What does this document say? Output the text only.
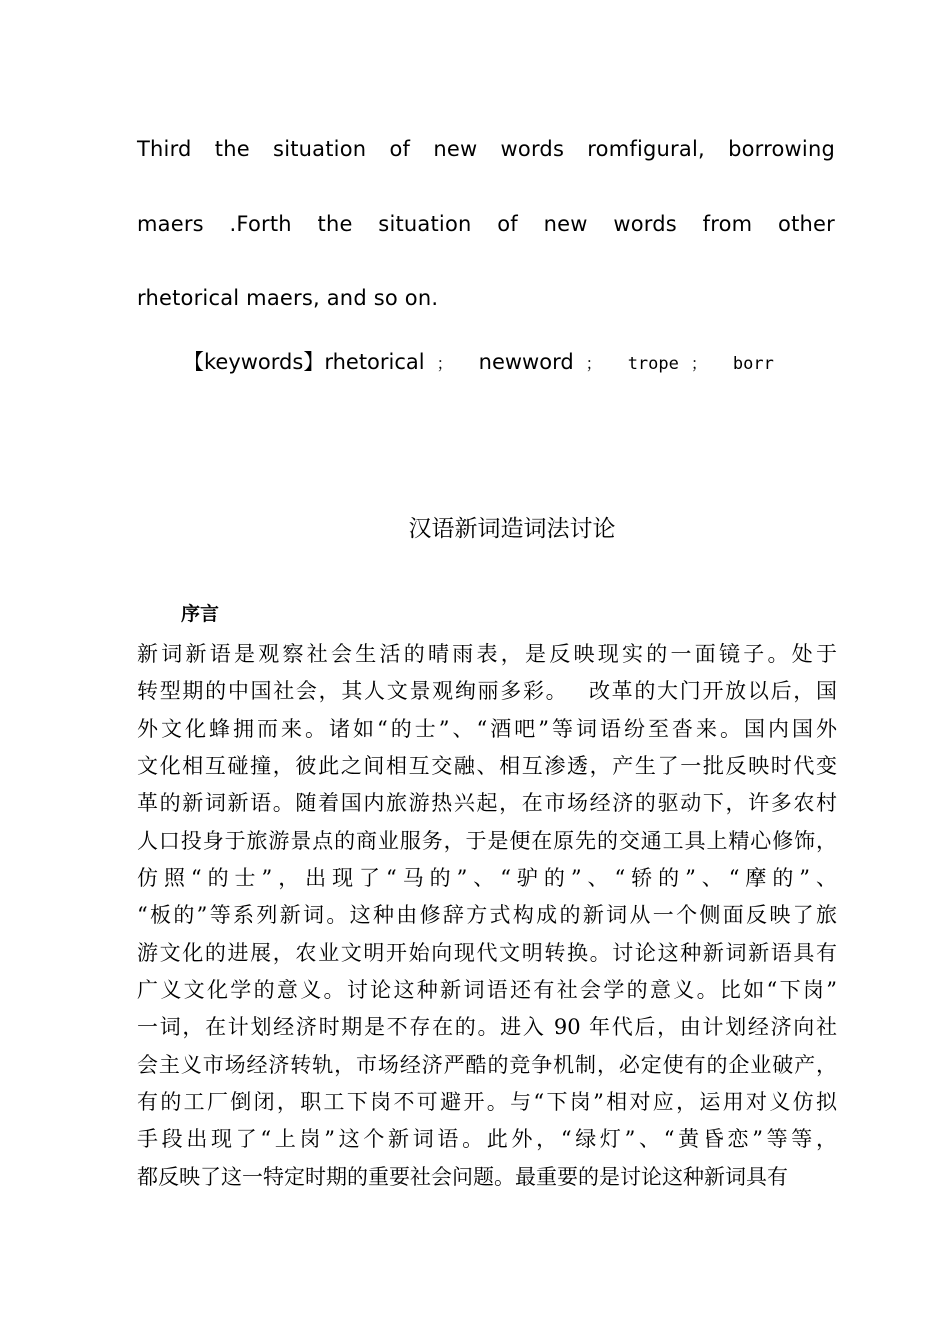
Third the situation of new words romfigural, borrowing
maers .Forth the situation of new words from other
rhetorical maers, and so on.
【keywords】rhetorical ； newword ； trope ； borr
汉语新词造词法讨论
序言
新词新语是观察社会生活的晴雨表，是反映现实的一面镜子。处于
转型期的中国社会，其人文景观绚丽多彩。　 改革的大门开放以后，国
外文化蜂拥而来。诸如“的士”、“酒吧”等词语纷至沓来。国内国外
文化相互碰撞，彼此之间相互交融、相互渗透，产生了一批反映时代变
革的新词新语。随着国内旅游热兴起，在市场经济的驱动下，许多农村
人口投身于旅游景点的商业服务，于是便在原先的交通工具上精心修饰，
仿照“的士”，出现了“马的”、“驴的”、“轿的”、“摩的”、
“板的”等系列新词。这种由修辞方式构成的新词从一个侧面反映了旅
游文化的进展，农业文明开始向现代文明转换。讨论这种新词新语具有
广义文化学的意义。讨论这种新词语还有社会学的意义。比如“下岗”
一词，在计划经济时期是不存在的。进入 90 年代后，由计划经济向社
会主义市场经济转轨，市场经济严酷的竞争机制，必定使有的企业破产，
有的工厂倒闭，职工下岗不可避开。与“下岗”相对应，运用对义仿拟
手段出现了“上岗”这个新词语。此外，“绿灯”、“黄昏恋”等等，
都反映了这一特定时期的重要社会问题。最重要的是讨论这种新词具有
